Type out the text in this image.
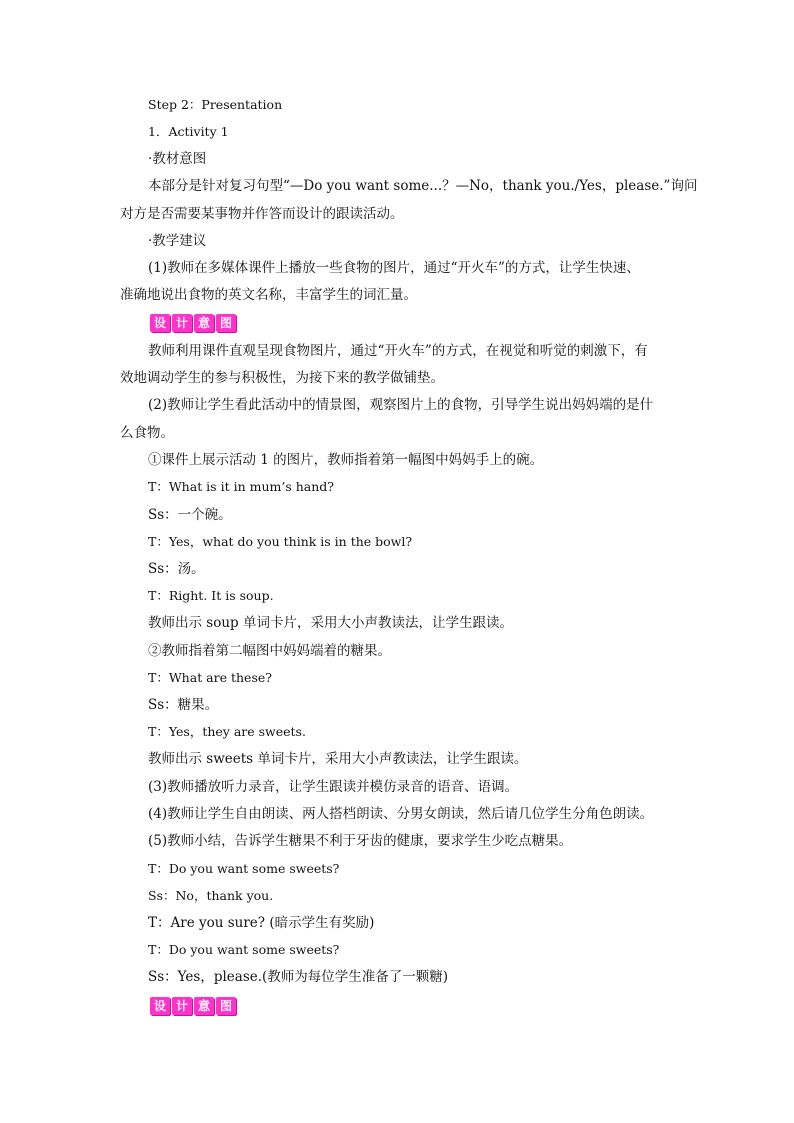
Step 2：Presentation
1．Activity 1
·教材意图
本部分是针对复习句型“—Do you want some...？—No，thank you./Yes，please.”询问
对方是否需要某事物并作答而设计的跟读活动。
·教学建议
(1)教师在多媒体课件上播放一些食物的图片，通过“开火车”的方式，让学生快速、
准确地说出食物的英文名称，丰富学生的词汇量。
设 计 意 图
教师利用课件直观呈现食物图片，通过“开火车”的方式，在视觉和听觉的刺激下，有
效地调动学生的参与积极性，为接下来的教学做铺垫。
(2)教师让学生看此活动中的情景图，观察图片上的食物，引导学生说出妈妈端的是什
么食物。
①课件上展示活动 1 的图片，教师指着第一幅图中妈妈手上的碗。
T：What is it in mum’s hand?
Ss：一个碗。
T：Yes，what do you think is in the bowl?
Ss：汤。
T：Right. It is soup.
教师出示 soup 单词卡片，采用大小声教读法，让学生跟读。
②教师指着第二幅图中妈妈端着的糖果。
T：What are these?
Ss：糖果。
T：Yes，they are sweets.
教师出示 sweets 单词卡片，采用大小声教读法，让学生跟读。
(3)教师播放听力录音，让学生跟读并模仿录音的语音、语调。
(4)教师让学生自由朗读、两人搭档朗读、分男女朗读，然后请几位学生分角色朗读。
(5)教师小结，告诉学生糖果不利于牙齿的健康，要求学生少吃点糖果。
T：Do you want some sweets?
Ss：No，thank you.
T：Are you sure? (暗示学生有奖励)
T：Do you want some sweets?
Ss：Yes，please.(教师为每位学生准备了一颗糖)
设 计 意 图
